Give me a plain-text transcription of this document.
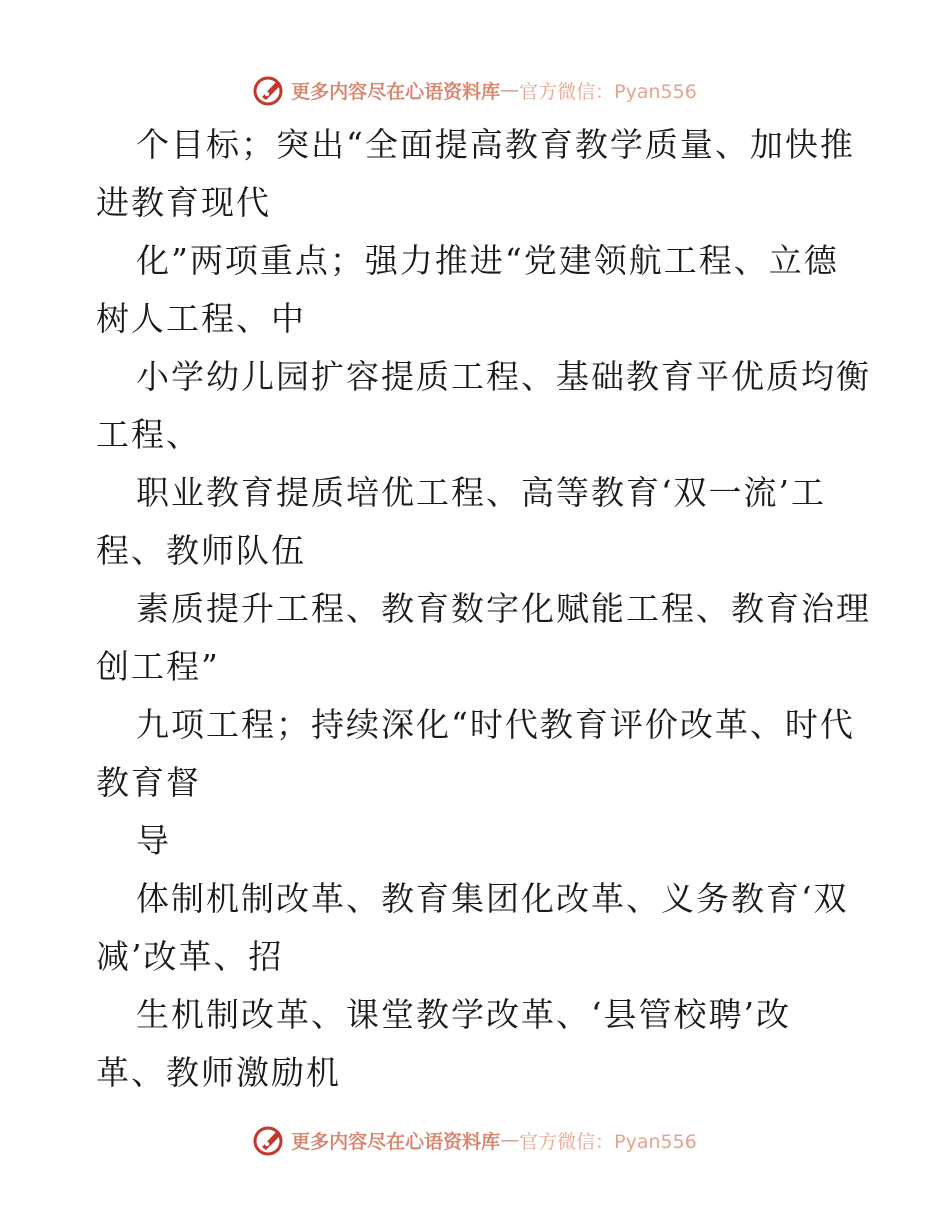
更多内容尽在心语资料库 — 官方微信：Pyan556
个目标；突出“全面提高教育教学质量、加快推
进教育现代
化”两项重点；强力推进“党建领航工程、立德
树人工程、中
小学幼儿园扩容提质工程、基础教育平优质均衡
工程、
职业教育提质培优工程、高等教育‘双一流’工
程、教师队伍
素质提升工程、教育数字化赋能工程、教育治理
创工程”
九项工程；持续深化“时代教育评价改革、时代
教育督
导
体制机制改革、教育集团化改革、义务教育‘双
减’改革、招
生机制改革、课堂教学改革、‘县管校聘’改
革、教师激励机
更多内容尽在心语资料库 — 官方微信：Pyan556
